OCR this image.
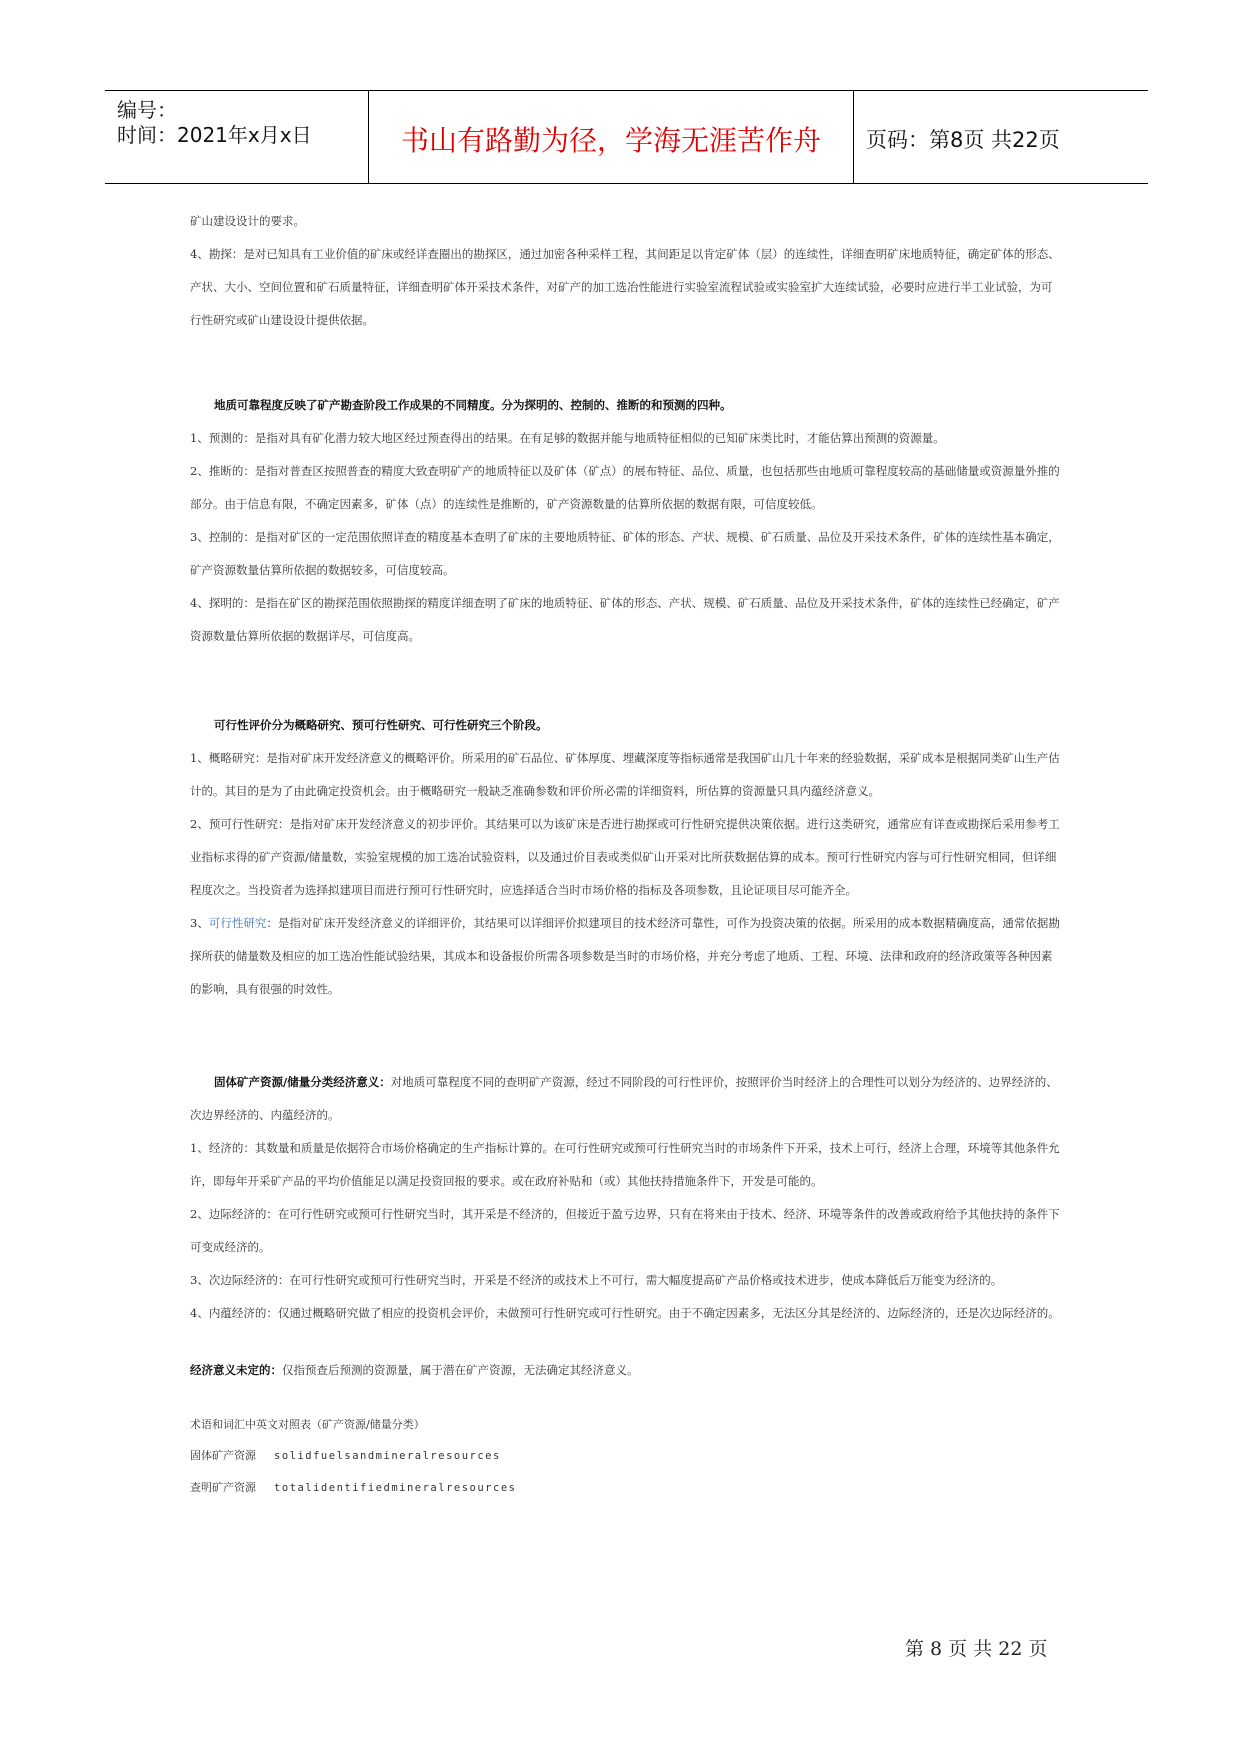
编号：
时间：2021年x月x日	书山有路勤为径，学海无涯苦作舟	页码：第8页 共22页

矿山建设设计的要求。

4、勘探：是对已知具有工业价值的矿床或经详查圈出的勘探区，通过加密各种采样工程，其间距足以肯定矿体（层）的连续性，详细查明矿床地质特征，确定矿体的形态、产状、大小、空间位置和矿石质量特征，详细查明矿体开采技术条件，对矿产的加工选冶性能进行实验室流程试验或实验室扩大连续试验，必要时应进行半工业试验，为可行性研究或矿山建设设计提供依据。

地质可靠程度反映了矿产勘查阶段工作成果的不同精度。分为探明的、控制的、推断的和预测的四种。

1、预测的：是指对具有矿化潜力较大地区经过预查得出的结果。在有足够的数据并能与地质特征相似的已知矿床类比时，才能估算出预测的资源量。

2、推断的：是指对普查区按照普查的精度大致查明矿产的地质特征以及矿体（矿点）的展布特征、品位、质量，也包括那些由地质可靠程度较高的基础储量或资源量外推的部分。由于信息有限，不确定因素多，矿体（点）的连续性是推断的，矿产资源数量的估算所依据的数据有限，可信度较低。

3、控制的：是指对矿区的一定范围依照详查的精度基本查明了矿床的主要地质特征、矿体的形态、产状、规模、矿石质量、品位及开采技术条件，矿体的连续性基本确定，矿产资源数量估算所依据的数据较多，可信度较高。

4、探明的：是指在矿区的勘探范围依照勘探的精度详细查明了矿床的地质特征、矿体的形态、产状、规模、矿石质量、品位及开采技术条件，矿体的连续性已经确定，矿产资源数量估算所依据的数据详尽，可信度高。

可行性评价分为概略研究、预可行性研究、可行性研究三个阶段。

1、概略研究：是指对矿床开发经济意义的概略评价。所采用的矿石品位、矿体厚度、埋藏深度等指标通常是我国矿山几十年来的经验数据，采矿成本是根据同类矿山生产估计的。其目的是为了由此确定投资机会。由于概略研究一般缺乏准确参数和评价所必需的详细资料，所估算的资源量只具内蕴经济意义。

2、预可行性研究：是指对矿床开发经济意义的初步评价。其结果可以为该矿床是否进行勘探或可行性研究提供决策依据。进行这类研究，通常应有详查或勘探后采用参考工业指标求得的矿产资源/储量数，实验室规模的加工选冶试验资料，以及通过价目表或类似矿山开采对比所获数据估算的成本。预可行性研究内容与可行性研究相同，但详细程度次之。当投资者为选择拟建项目而进行预可行性研究时，应选择适合当时市场价格的指标及各项参数，且论证项目尽可能齐全。

3、可行性研究：是指对矿床开发经济意义的详细评价，其结果可以详细评价拟建项目的技术经济可靠性，可作为投资决策的依据。所采用的成本数据精确度高，通常依据勘探所获的储量数及相应的加工选冶性能试验结果，其成本和设备报价所需各项参数是当时的市场价格，并充分考虑了地质、工程、环境、法律和政府的经济政策等各种因素的影响，具有很强的时效性。

固体矿产资源/储量分类经济意义：对地质可靠程度不同的查明矿产资源，经过不同阶段的可行性评价，按照评价当时经济上的合理性可以划分为经济的、边界经济的、次边界经济的、内蕴经济的。

1、经济的：其数量和质量是依据符合市场价格确定的生产指标计算的。在可行性研究或预可行性研究当时的市场条件下开采，技术上可行，经济上合理，环境等其他条件允许，即每年开采矿产品的平均价值能足以满足投资回报的要求。或在政府补贴和（或）其他扶持措施条件下，开发是可能的。

2、边际经济的：在可行性研究或预可行性研究当时，其开采是不经济的，但接近于盈亏边界，只有在将来由于技术、经济、环境等条件的改善或政府给予其他扶持的条件下可变成经济的。

3、次边际经济的：在可行性研究或预可行性研究当时，开采是不经济的或技术上不可行，需大幅度提高矿产品价格或技术进步，使成本降低后万能变为经济的。

4、内蕴经济的：仅通过概略研究做了相应的投资机会评价，未做预可行性研究或可行性研究。由于不确定因素多，无法区分其是经济的、边际经济的，还是次边际经济的。

经济意义未定的：仅指预查后预测的资源量，属于潜在矿产资源，无法确定其经济意义。

术语和词汇中英文对照表（矿产资源/储量分类）

固体矿产资源 solidfuelsandmineralresources

查明矿产资源 totalidentifiedmineralresources

第 8 页 共 22 页
